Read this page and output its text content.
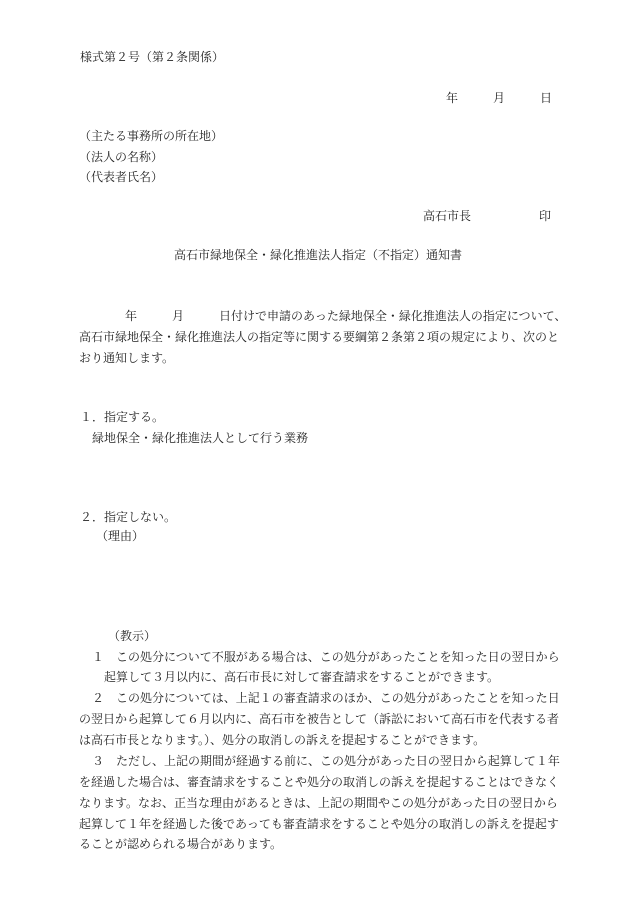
様式第２号（第２条関係）
年	月	日
（主たる事務所の所在地）
（法人の名称）
（代表者氏名）
高石市長	印
高石市緑地保全・緑化推進法人指定（不指定）通知書
年	月	日付けで申請のあった緑地保全・緑化推進法人の指定について、
高石市緑地保全・緑化推進法人の指定等に関する要綱第２条第２項の規定により、次のと
おり通知します。
１．指定する。
緑地保全・緑化推進法人として行う業務
２．指定しない。
（理由）
（教示）
１　この処分について不服がある場合は、この処分があったことを知った日の翌日から
起算して３月以内に、高石市長に対して審査請求をすることができます。
２　この処分については、上記１の審査請求のほか、この処分があったことを知った日
の翌日から起算して６月以内に、高石市を被告として（訴訟において高石市を代表する者
は高石市長となります。）、処分の取消しの訴えを提起することができます。
３　ただし、上記の期間が経過する前に、この処分があった日の翌日から起算して１年
を経過した場合は、審査請求をすることや処分の取消しの訴えを提起することはできなく
なります。なお、正当な理由があるときは、上記の期間やこの処分があった日の翌日から
起算して１年を経過した後であっても審査請求をすることや処分の取消しの訴えを提起す
ることが認められる場合があります。
